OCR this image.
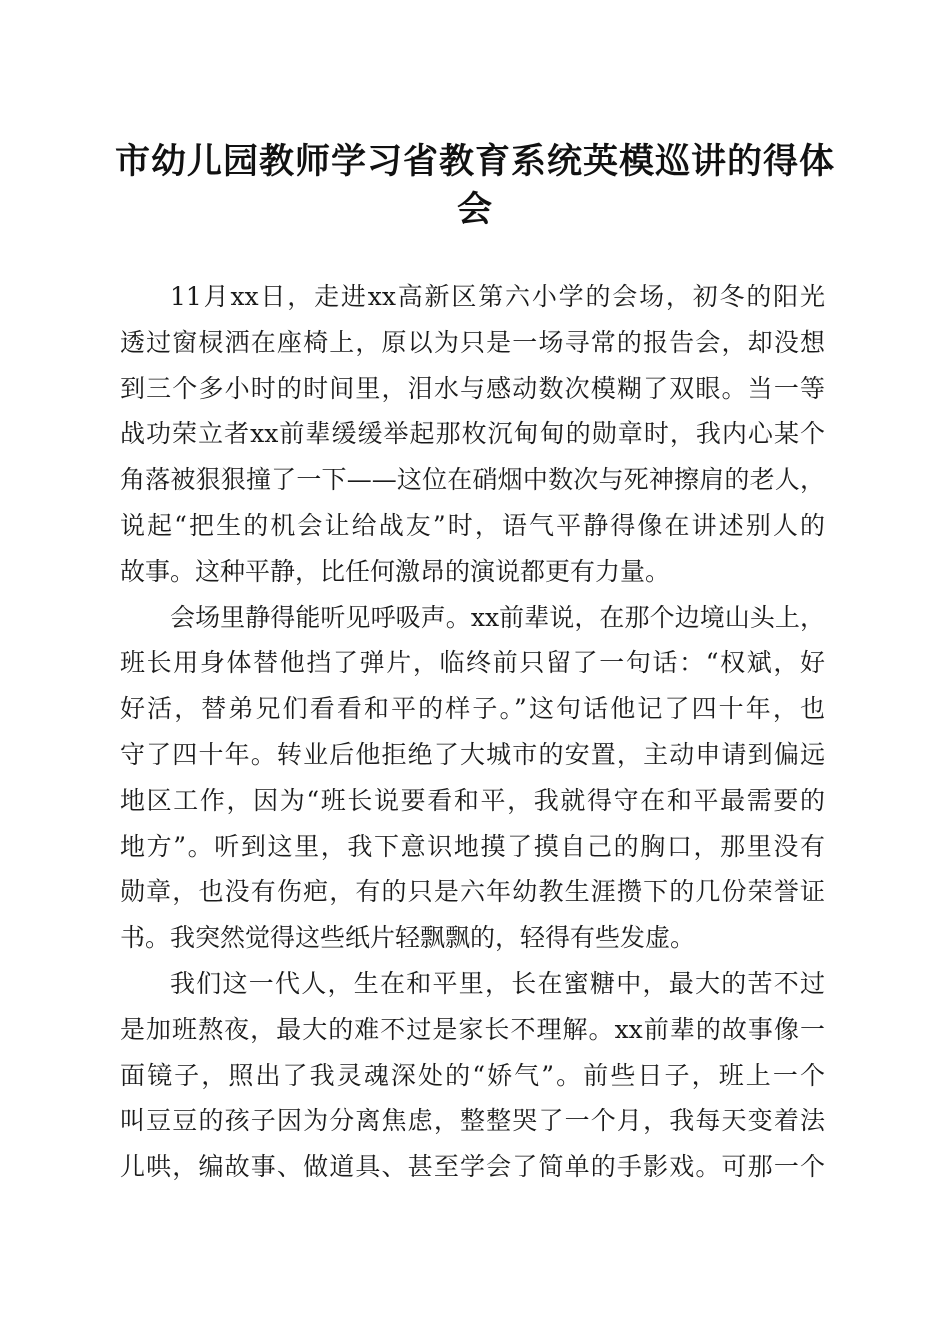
市幼儿园教师学习省教育系统英模巡讲的得体
会
11月xx日，走进xx高新区第六小学的会场，初冬的阳光
透过窗棂洒在座椅上，原以为只是一场寻常的报告会，却没想
到三个多小时的时间里，泪水与感动数次模糊了双眼。当一等
战功荣立者xx前辈缓缓举起那枚沉甸甸的勋章时，我内心某个
角落被狠狠撞了一下——这位在硝烟中数次与死神擦肩的老人，
说起“把生的机会让给战友”时，语气平静得像在讲述别人的
故事。这种平静，比任何激昂的演说都更有力量。
会场里静得能听见呼吸声。xx前辈说，在那个边境山头上，
班长用身体替他挡了弹片，临终前只留了一句话：“权斌，好
好活，替弟兄们看看和平的样子。”这句话他记了四十年，也
守了四十年。转业后他拒绝了大城市的安置，主动申请到偏远
地区工作，因为“班长说要看和平，我就得守在和平最需要的
地方”。听到这里，我下意识地摸了摸自己的胸口，那里没有
勋章，也没有伤疤，有的只是六年幼教生涯攒下的几份荣誉证
书。我突然觉得这些纸片轻飘飘的，轻得有些发虚。
我们这一代人，生在和平里，长在蜜糖中，最大的苦不过
是加班熬夜，最大的难不过是家长不理解。xx前辈的故事像一
面镜子，照出了我灵魂深处的“娇气”。前些日子，班上一个
叫豆豆的孩子因为分离焦虑，整整哭了一个月，我每天变着法
儿哄，编故事、做道具、甚至学会了简单的手影戏。可那一个
